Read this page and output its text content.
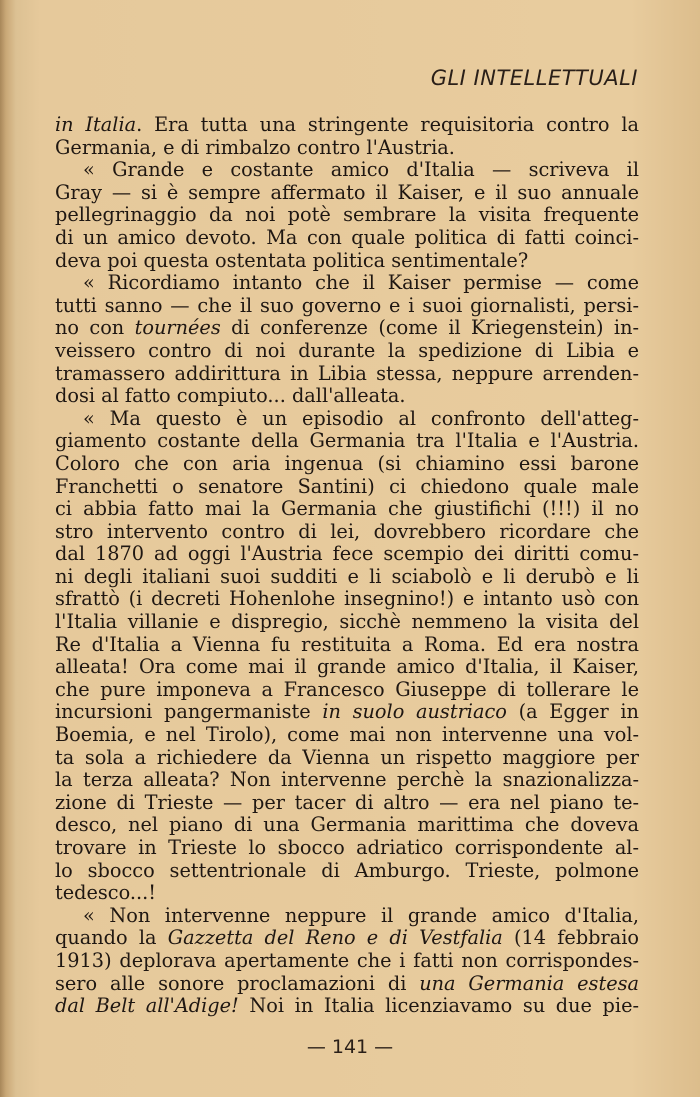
GLI INTELLETTUALI
in Italia. Era tutta una stringente requisitoria contro la
Germania, e di rimbalzo contro l'Austria.
« Grande e costante amico d'Italia — scriveva il
Gray — si è sempre affermato il Kaiser, e il suo annuale
pellegrinaggio da noi potè sembrare la visita frequente
di un amico devoto. Ma con quale politica di fatti coinci-
deva poi questa ostentata politica sentimentale?
« Ricordiamo intanto che il Kaiser permise — come
tutti sanno — che il suo governo e i suoi giornalisti, persi-
no con tournées di conferenze (come il Kriegenstein) in-
veissero contro di noi durante la spedizione di Libia e
tramassero addirittura in Libia stessa, neppure arrenden-
dosi al fatto compiuto... dall'alleata.
« Ma questo è un episodio al confronto dell'atteg-
giamento costante della Germania tra l'Italia e l'Austria.
Coloro che con aria ingenua (si chiamino essi barone
Franchetti o senatore Santini) ci chiedono quale male
ci abbia fatto mai la Germania che giustifichi (!!!) il no
stro intervento contro di lei, dovrebbero ricordare che
dal 1870 ad oggi l'Austria fece scempio dei diritti comu-
ni degli italiani suoi sudditi e li sciabolò e li derubò e li
sfrattò (i decreti Hohenlohe insegnino!) e intanto usò con
l'Italia villanie e dispregio, sicchè nemmeno la visita del
Re d'Italia a Vienna fu restituita a Roma. Ed era nostra
alleata! Ora come mai il grande amico d'Italia, il Kaiser,
che pure imponeva a Francesco Giuseppe di tollerare le
incursioni pangermaniste in suolo austriaco (a Egger in
Boemia, e nel Tirolo), come mai non intervenne una vol-
ta sola a richiedere da Vienna un rispetto maggiore per
la terza alleata? Non intervenne perchè la snazionalizza-
zione di Trieste — per tacer di altro — era nel piano te-
desco, nel piano di una Germania marittima che doveva
trovare in Trieste lo sbocco adriatico corrispondente al-
lo sbocco settentrionale di Amburgo. Trieste, polmone
tedesco...!
« Non intervenne neppure il grande amico d'Italia,
quando la Gazzetta del Reno e di Vestfalia (14 febbraio
1913) deplorava apertamente che i fatti non corrispondes-
sero alle sonore proclamazioni di una Germania estesa
dal Belt all'Adige! Noi in Italia licenziavamo su due pie-
— 141 —
